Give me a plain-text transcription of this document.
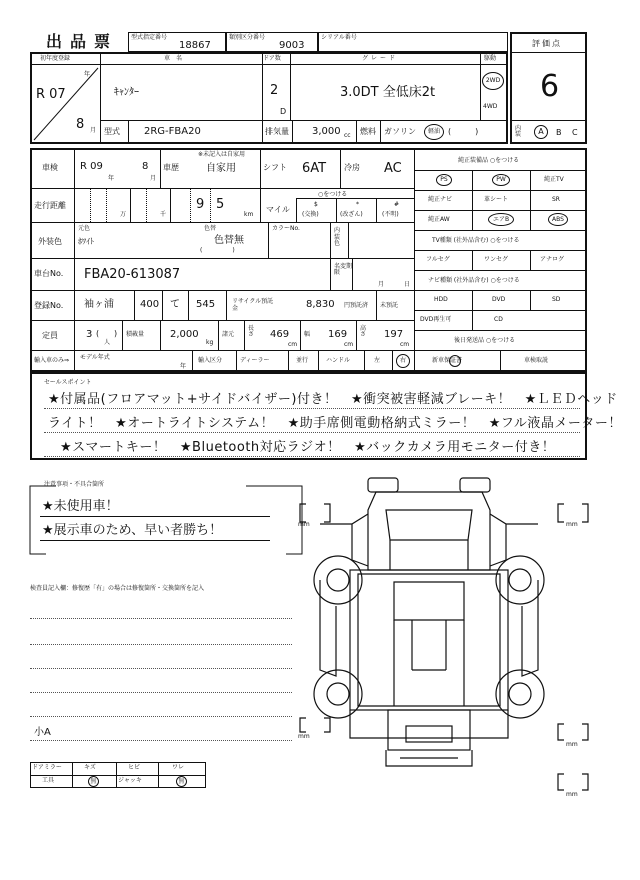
出品票 型式指定番号
18867
類別区分番号
9003
シリアル番号
評価点
6
内装	A	B C
初年度登録
年
R 07
8 月
車　名
ｷｬﾝﾀｰ
ドア数
2
D
グレード
3.0DT 全低床2t
駆動
2WD
4WD
型式 2RG-FBA20	排気量 3,000 cc 燃料 ガソリン	軽油	(　　　)
車検 R 09
年
8
月
車歴
※未記入は自家用
自家用	シフト 6AT 冷房 AC
走行距離
万	千
9 5
km
○をつける
マイル
$
(交換)
*
(改ざん)
#
(不明)
外装色
元色
ﾎﾜｲﾄ
色替
色替無
(　　　　　)
カラーNo.	内装色
車台No. FBA20-613087
名変期限
月	日
登録No. 袖ヶ浦	400 て 545	リサイクル預託金	8,830 円預託済 未預託
定員	3 ( )
人
積載量	2,000
kg
諸元
長さ 469
cm
幅 169
cm
高さ 197
cm
輸入車のみ⇒ モデル年式
年
輸入区分	ディーラー	並行	ハンドル	左	右
純正装備品 ○をつける
PS	PW	純正TV
純正ナビ	革シート	SR
純正AW	エアB	ABS
TV種類 (社外品含む) ○をつける
フルセグ	ワンセグ	アナログ
ナビ種類 (社外品含む) ○をつける
HDD	DVD	SD
DVD再生可	CD
後日発送品 ○をつける
新車保証書	車検取説
セールスポイント
★付属品(フロアマット+サイドバイザー)付き！　★衝突被害軽減ブレーキ！　★ＬＥＤヘッド
ライト！　★オートライトシステム！　★助手席側電動格納式ミラー！　★フル液晶メーター！
★スマートキー！　★Bluetooth対応ラジオ！　★バックカメラ用モニター付き！
注意事項・不具合箇所
★未使用車！
★展示車のため、早い者勝ち！
検査員記入欄：修復歴「有」の場合は修復箇所・交換箇所を記入
小A
ドアミラー	キズ	ヒビ	ワレ
工具	無	ジャッキ	無
mm	mm
mm
mm
mm
